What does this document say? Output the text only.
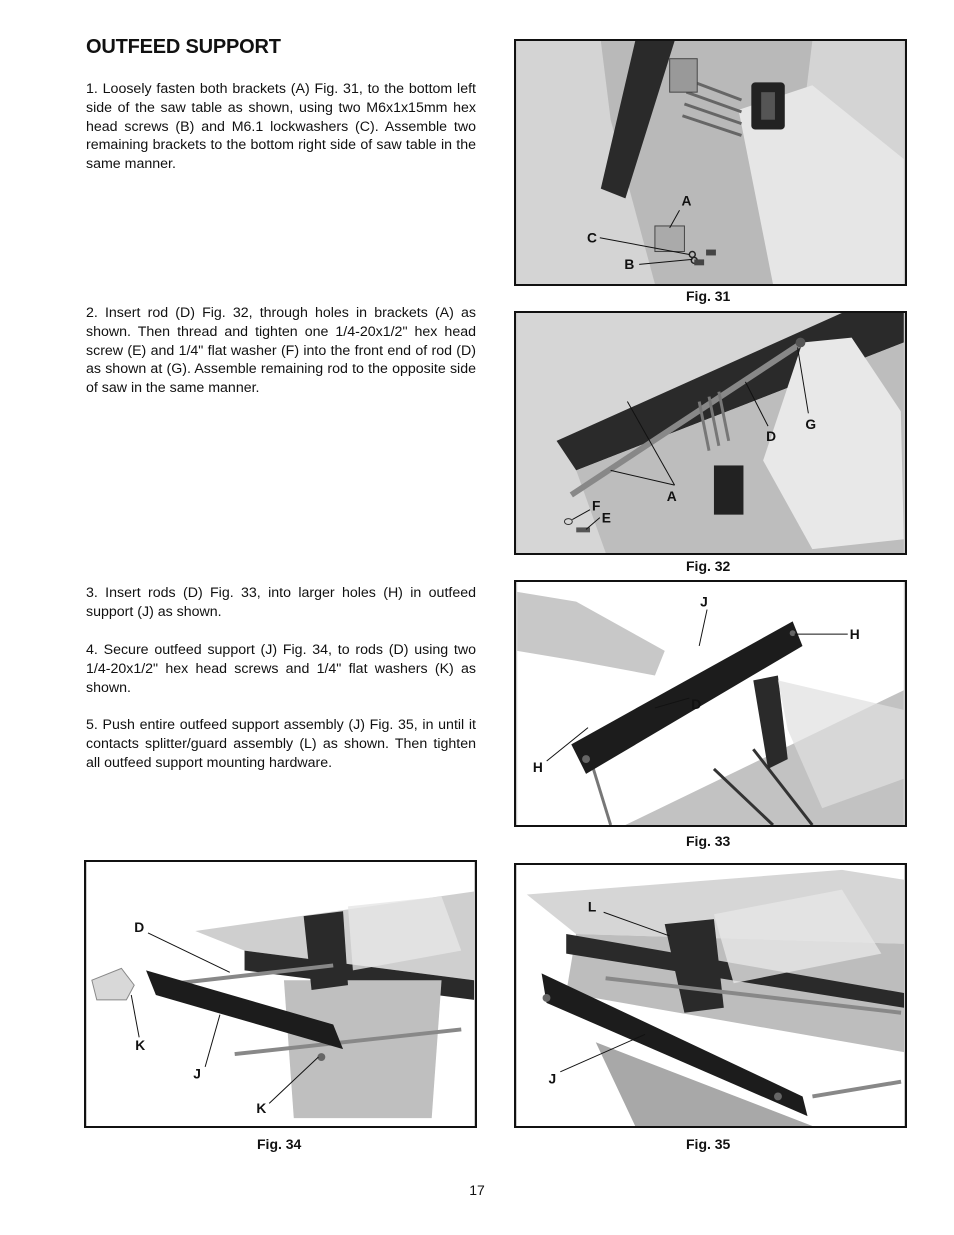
OUTFEED SUPPORT

1. Loosely fasten both brackets (A) Fig. 31, to the bottom left side of the saw table as shown, using two M6x1x15mm hex head screws (B) and M6.1 lockwashers (C). Assemble two remaining brackets to the bottom right side of saw table in the same manner.

2. Insert rod (D) Fig. 32, through holes in brackets (A) as shown. Then thread and tighten one 1/4-20x1/2" hex head screw (E) and 1/4" flat washer (F) into the front end of rod (D) as shown at (G). Assemble remaining rod to the opposite side of saw in the same manner.

3. Insert rods (D) Fig. 33, into larger holes (H) in outfeed support (J) as shown.

4. Secure outfeed support (J) Fig. 34, to rods (D) using two 1/4-20x1/2" hex head screws and 1/4" flat washers (K) as shown.

5. Push entire outfeed support assembly (J) Fig. 35, in until it contacts splitter/guard assembly (L) as shown. Then tighten all outfeed support mounting hardware.

A
C
B
Fig. 31
D
G
A
F
E
Fig. 32
J
H
D
H
Fig. 33
D
K
J
K
Fig. 34
L
J
Fig. 35
17
